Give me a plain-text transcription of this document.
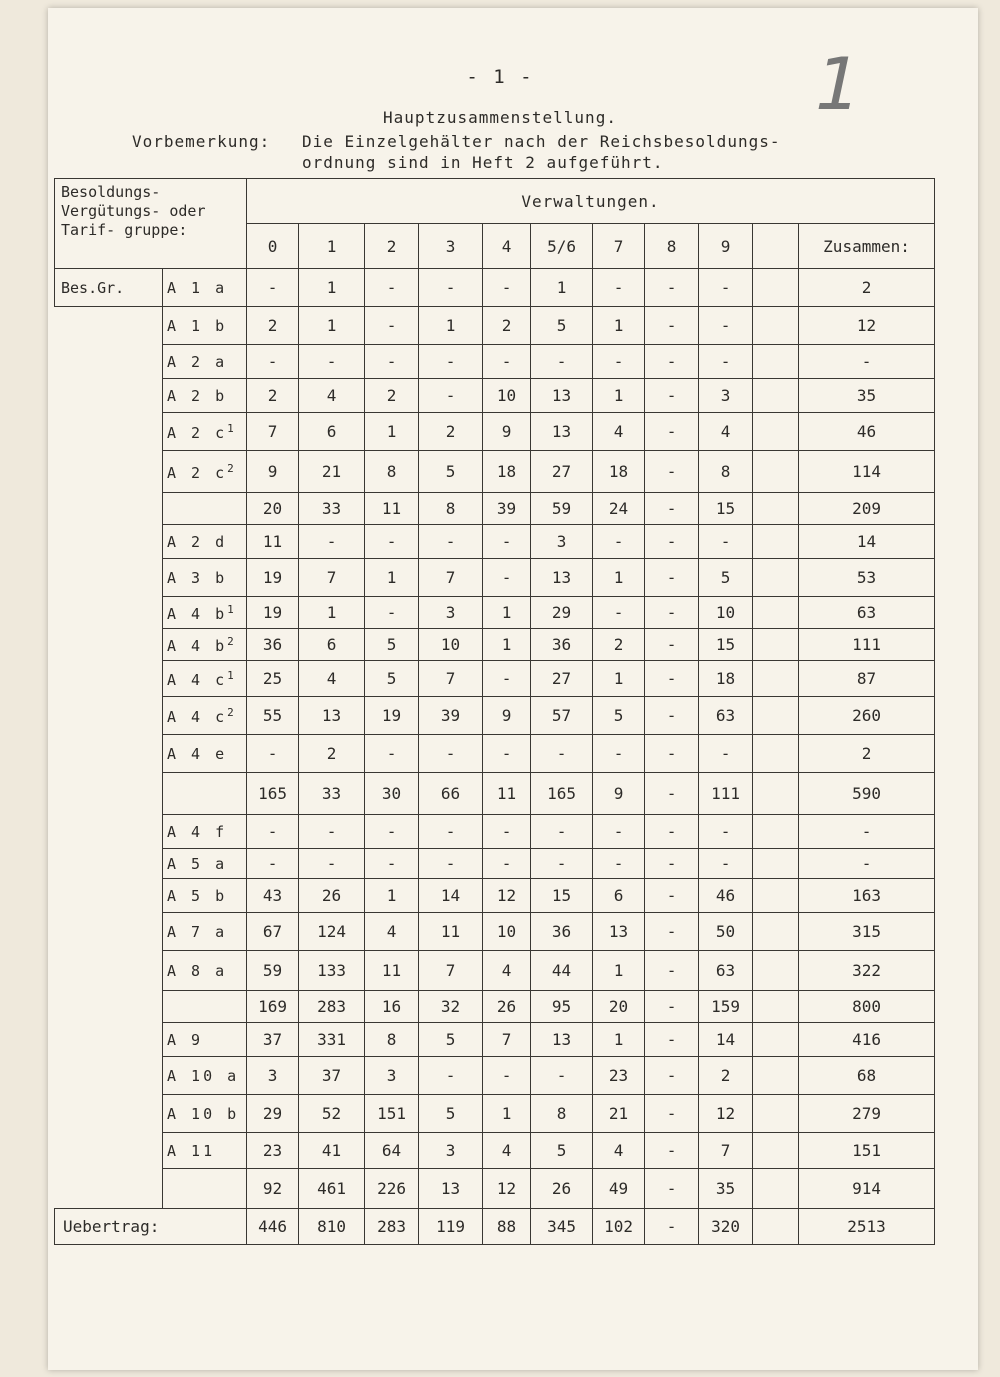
- 1 -	1
Hauptzusammenstellung.
Vorbemerkung: Die Einzelgehälter nach der Reichsbesoldungs-
ordnung sind in Heft 2 aufgeführt.
Besoldungs- Vergütungs- oder Tarif- gruppe:		Verwaltungen.										
		0	1	2	3	4	5/6	7	8	9		Zusammen:
Bes.Gr.	A 1 a	-	1	-	-	-	1	-	-	-		2
	A 1 b	2	1	-	1	2	5	1	-	-		12
	A 2 a	-	-	-	-	-	-	-	-	-		-
	A 2 b	2	4	2	-	10	13	1	-	3		35
	A 2 $c^1$	7	6	1	2	9	13	4	-	4		46
	A 2 $c^2$	9	21	8	5	18	27	18	-	8		114
		20	33	11	8	39	59	24	-	15		209
	A 2 d	11	-	-	-	-	3	-	-	-		14
	A 3 b	19	7	1	7	-	13	1	-	5		53
	A 4 $b^1$	19	1	-	3	1	29	-	-	10		63
	A 4 $b^2$	36	6	5	10	1	36	2	-	15		111
	A 4 $c^1$	25	4	5	7	-	27	1	-	18		87
	A 4 $c^2$	55	13	19	39	9	57	5	-	63		260
	A 4 e	-	2	-	-	-	-	-	-	-		2
		165	33	30	66	11	165	9	-	111		590
	A 4 f	-	-	-	-	-	-	-	-	-		-
	A 5 a	-	-	-	-	-	-	-	-	-		-
	A 5 b	43	26	1	14	12	15	6	-	46		163
	A 7 a	67	124	4	11	10	36	13	-	50		315
	A 8 a	59	133	11	7	4	44	1	-	63		322
		169	283	16	32	26	95	20	-	159		800
	A 9	37	331	8	5	7	13	1	-	14		416
	A 10 a	3	37	3	-	-	-	23	-	2		68
	A 10 b	29	52	151	5	1	8	21	-	12		279
	A 11	23	41	64	3	4	5	4	-	7		151
		92	461	226	13	12	26	49	-	35		914
Uebertrag:		446	810	283	119	88	345	102	-	320		2513
